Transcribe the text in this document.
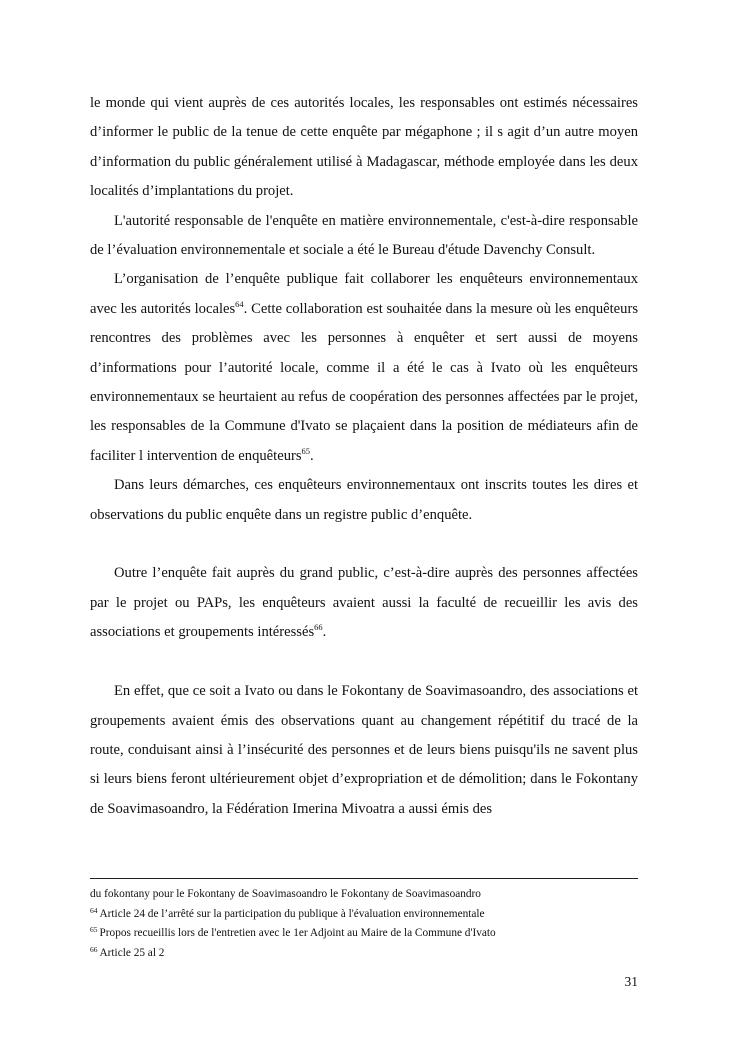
le monde qui vient auprès de ces autorités locales, les responsables ont estimés nécessaires d’informer le public de la tenue de cette enquête par mégaphone ; il s agit d’un autre moyen d’information du public généralement utilisé à Madagascar, méthode employée dans les deux localités d’implantations du projet.

L'autorité responsable de l'enquête en matière environnementale, c'est-à-dire responsable de l’évaluation environnementale et sociale a été le Bureau d'étude Davenchy Consult.

L’organisation de l’enquête publique fait collaborer les enquêteurs environnementaux avec les autorités locales$^{64}$. Cette collaboration est souhaitée dans la mesure où les enquêteurs rencontres des problèmes avec les personnes à enquêter et sert aussi de moyens d’informations pour l’autorité locale, comme il a été le cas à Ivato où les enquêteurs environnementaux se heurtaient au refus de coopération des personnes affectées par le projet, les responsables de la Commune d'Ivato se plaçaient dans la position de médiateurs afin de faciliter l intervention de enquêteurs$^{65}$.

Dans leurs démarches, ces enquêteurs environnementaux ont inscrits toutes les dires et observations du public enquête dans un registre public d’enquête.

Outre l’enquête fait auprès du grand public, c’est-à-dire auprès des personnes affectées par le projet ou PAPs, les enquêteurs avaient aussi la faculté de recueillir les avis des associations et groupements intéressés$^{66}$.

En effet, que ce soit a Ivato ou dans le Fokontany de Soavimasoandro, des associations et groupements avaient émis des observations quant au changement répétitif du tracé de la route, conduisant ainsi à l’insécurité des personnes et de leurs biens puisqu'ils ne savent plus si leurs biens feront ultérieurement objet d’expropriation et de démolition; dans le Fokontany de Soavimasoandro, la Fédération Imerina Mivoatra a aussi émis des

du fokontany pour le Fokontany de Soavimasoandro le Fokontany de Soavimasoandro
$^{64}$ Article 24 de l’arrêté sur la participation du publique à l'évaluation environnementale
$^{65}$ Propos recueillis lors de l'entretien avec le 1er Adjoint au Maire de la Commune d'Ivato
$^{66}$ Article 25 al 2
31
